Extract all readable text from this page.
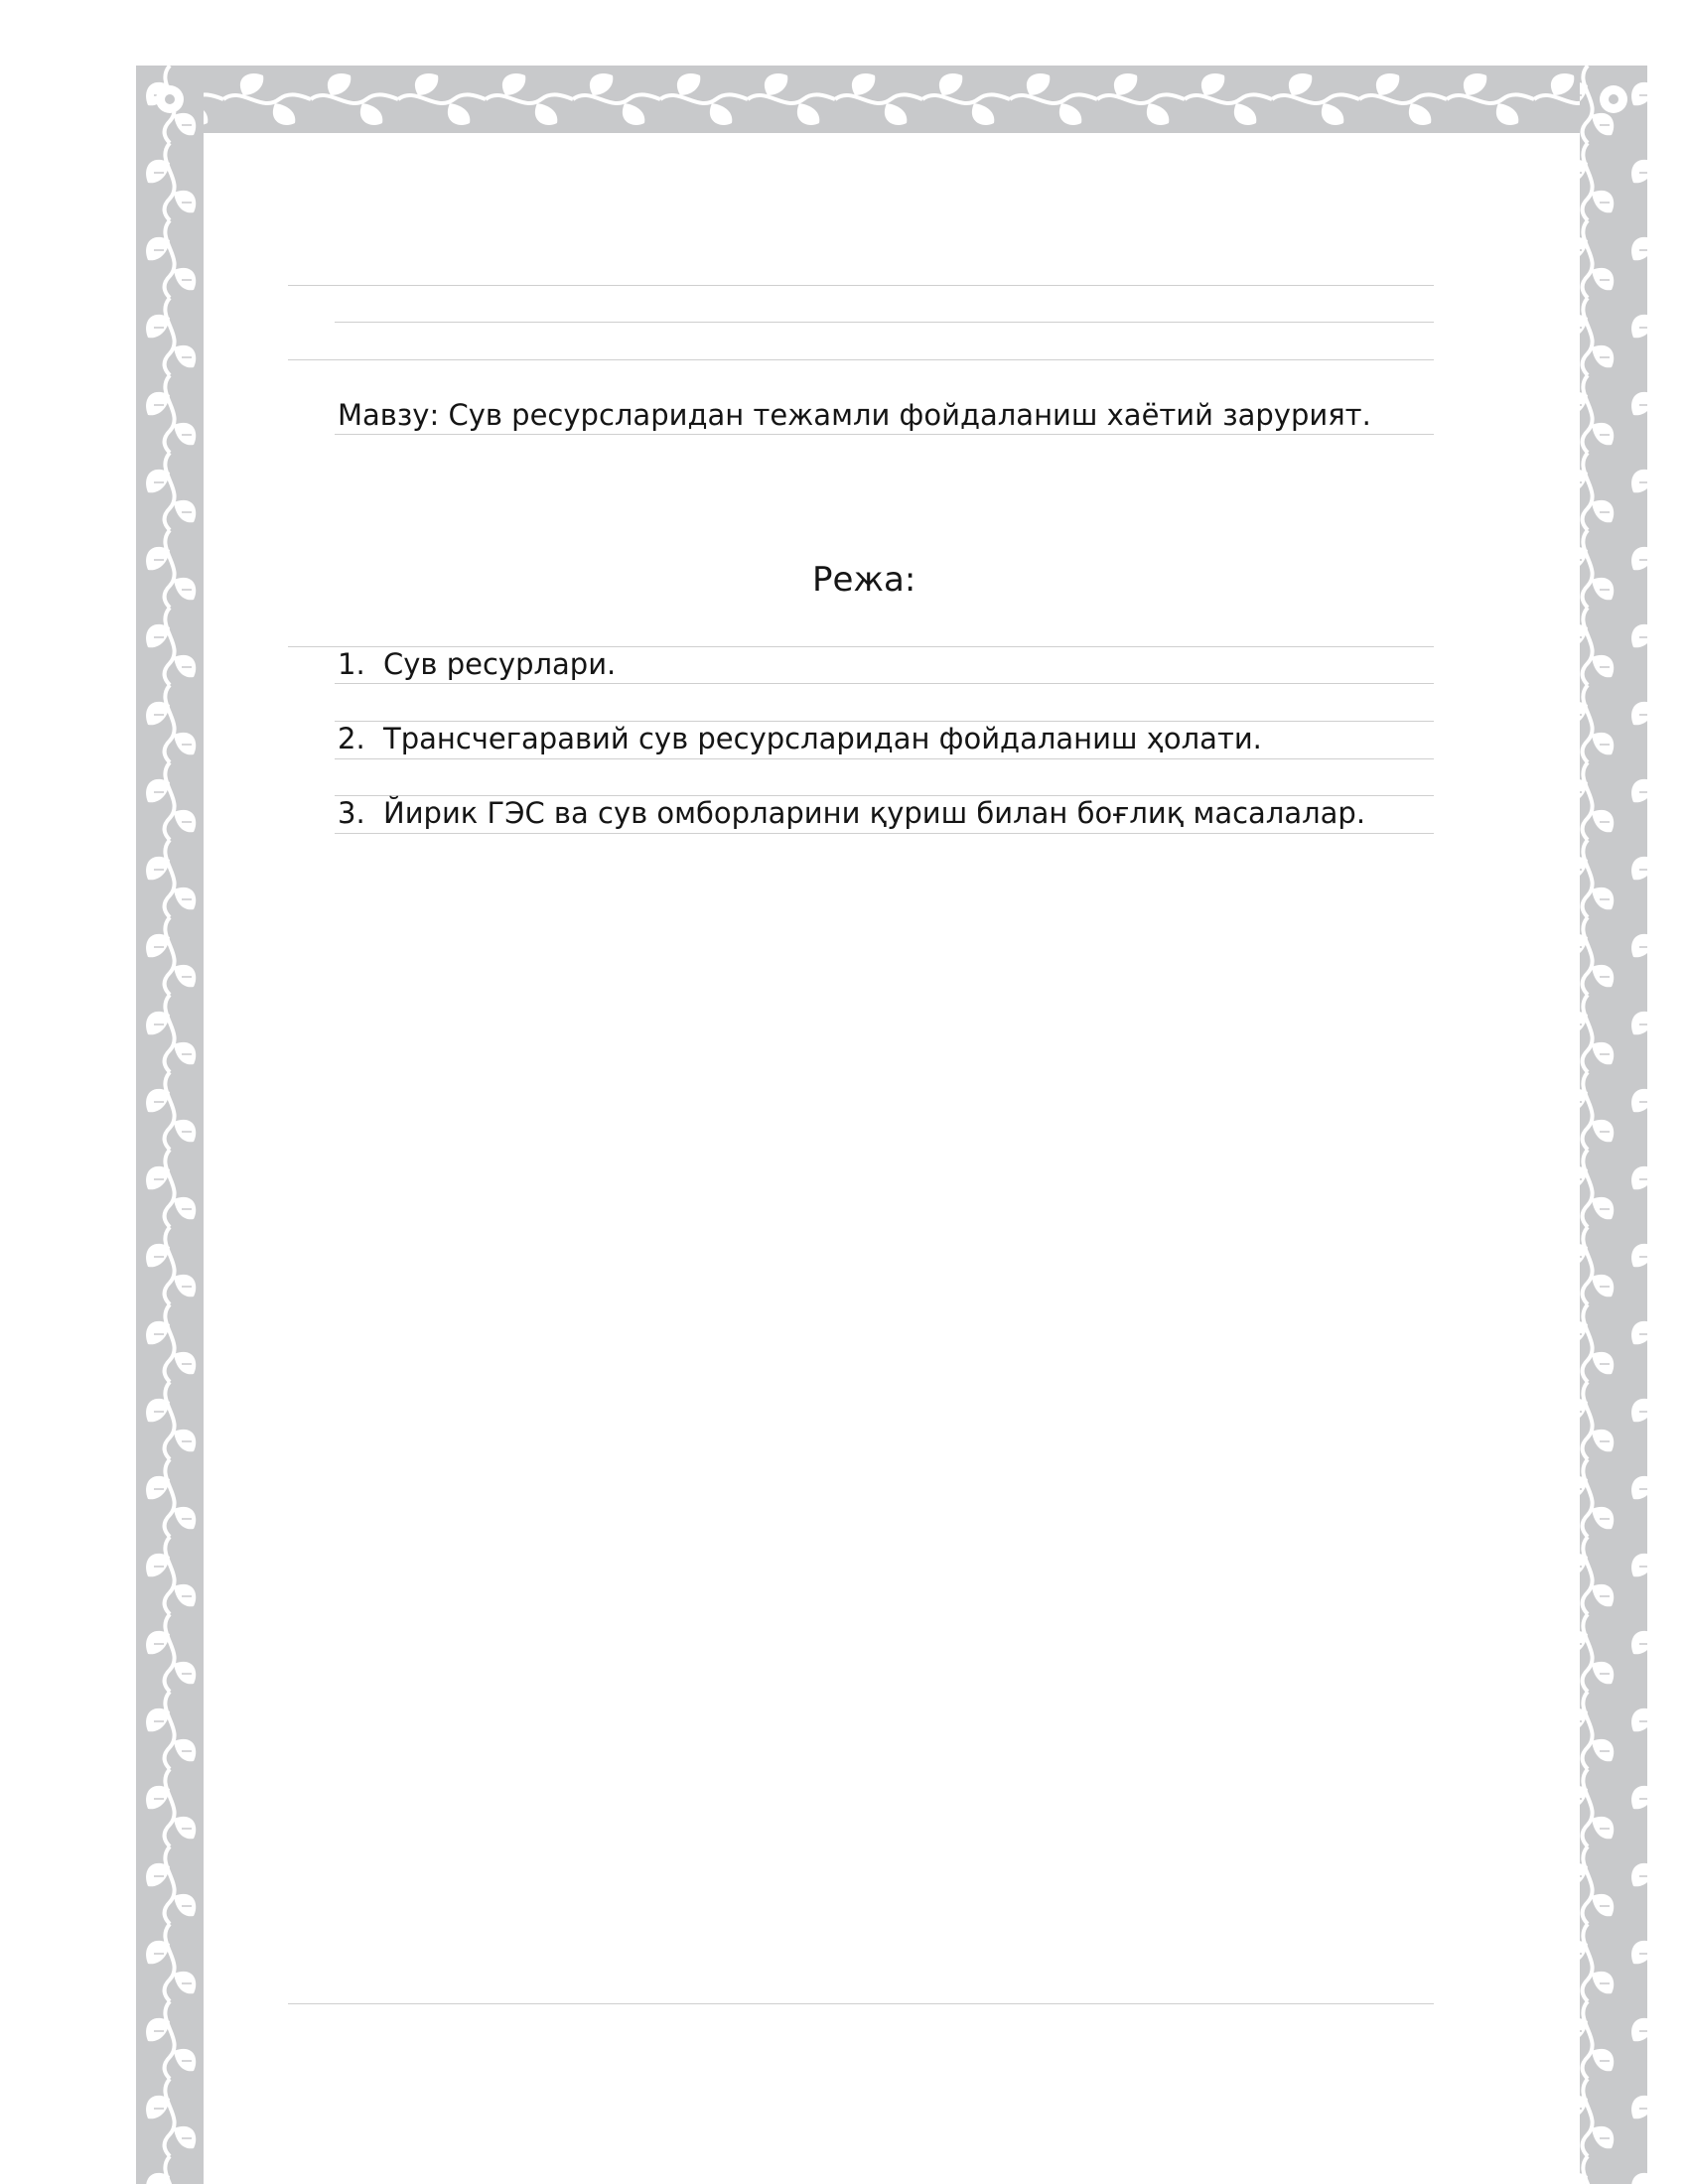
Мавзу: Сув ресурсларидан тежамли фойдаланиш хаётий зарурият.
Режа:
1. Сув ресурлари.
2. Трансчегаравий сув ресурсларидан фойдаланиш ҳолати.
3. Йирик ГЭС ва сув омборларини қуриш билан боғлиқ масалалар.
